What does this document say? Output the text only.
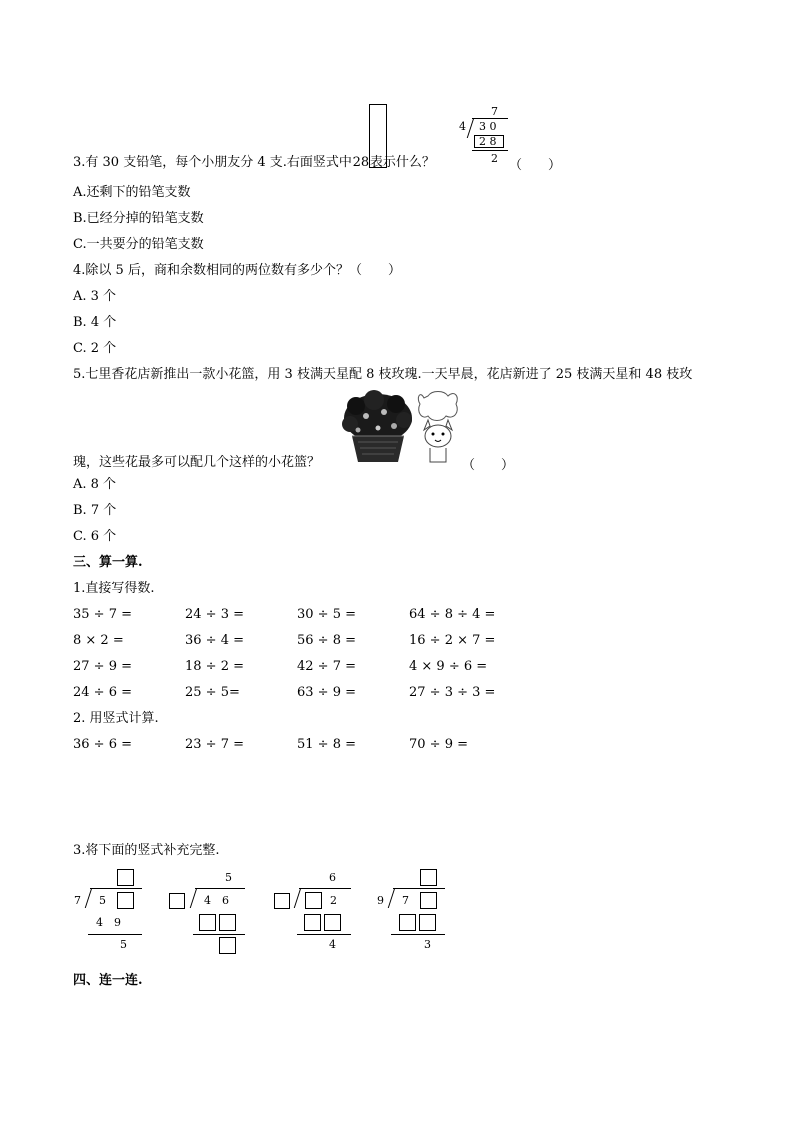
3.有 30 支铅笔，每个小朋友分 4 支.右面竖式中28表示什么？	（　　）
7
4 3 0
2 8
2
A.还剩下的铅笔支数
B.已经分掉的铅笔支数
C.一共要分的铅笔支数
4.除以 5 后，商和余数相同的两位数有多少个？（　　）
A. 3 个
B. 4 个
C. 2 个
5.七里香花店新推出一款小花篮，用 3 枝满天星配 8 枝玫瑰.一天早晨，花店新进了 25 枝满天星和 48 枝玫
瑰，这些花最多可以配几个这样的小花篮？	（　　）
A. 8 个
B. 7 个
C. 6 个
三、算一算.
1.直接写得数.
35 ÷ 7 =	24 ÷ 3 =	30 ÷ 5 =	64 ÷ 8 ÷ 4 =
8 × 2 =	36 ÷ 4 =	56 ÷ 8 =	16 ÷ 2 × 7 =
27 ÷ 9 =	18 ÷ 2 =	42 ÷ 7 =	4 × 9 ÷ 6 =
24 ÷ 6 =	25 ÷ 5=	63 ÷ 9 =	27 ÷ 3 ÷ 3 =
2. 用竖式计算.
36 ÷ 6 =	23 ÷ 7 =	51 ÷ 8 =	70 ÷ 9 =
3.将下面的竖式补充完整.
7 5
4　9
5
5
4　6
6
2
4
9 7
3
四、连一连.
